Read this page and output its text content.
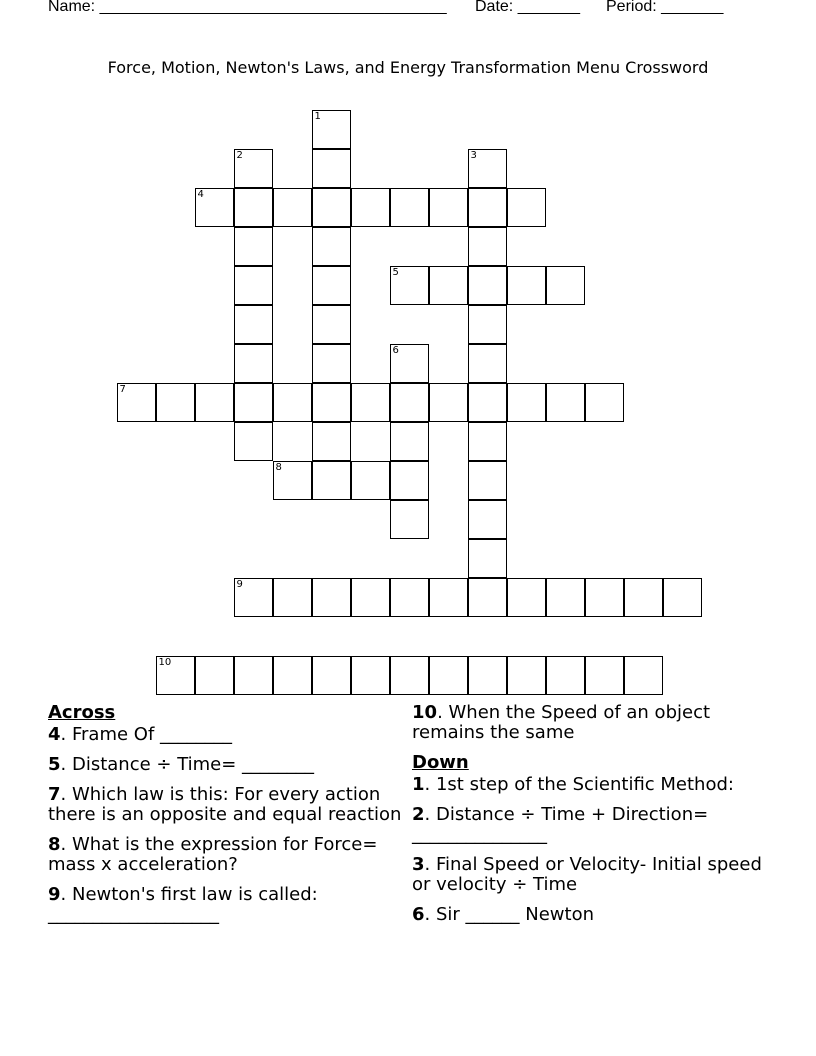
Name: _______________________________________ Date: _______ Period: _______
Force, Motion, Newton's Laws, and Energy Transformation Menu Crossword
1
2	3
4
5
6
7
8
9
10
Across
4. Frame Of ________
5. Distance ÷ Time= ________
7. Which law is this: For every action there is an opposite and equal reaction
8. What is the expression for Force= mass x acceleration?
9. Newton's first law is called: ___________________
10. When the Speed of an object remains the same
Down
1. 1st step of the Scientific Method:
2. Distance ÷ Time + Direction= _______________
3. Final Speed or Velocity- Initial speed or velocity ÷ Time
6. Sir ______ Newton
